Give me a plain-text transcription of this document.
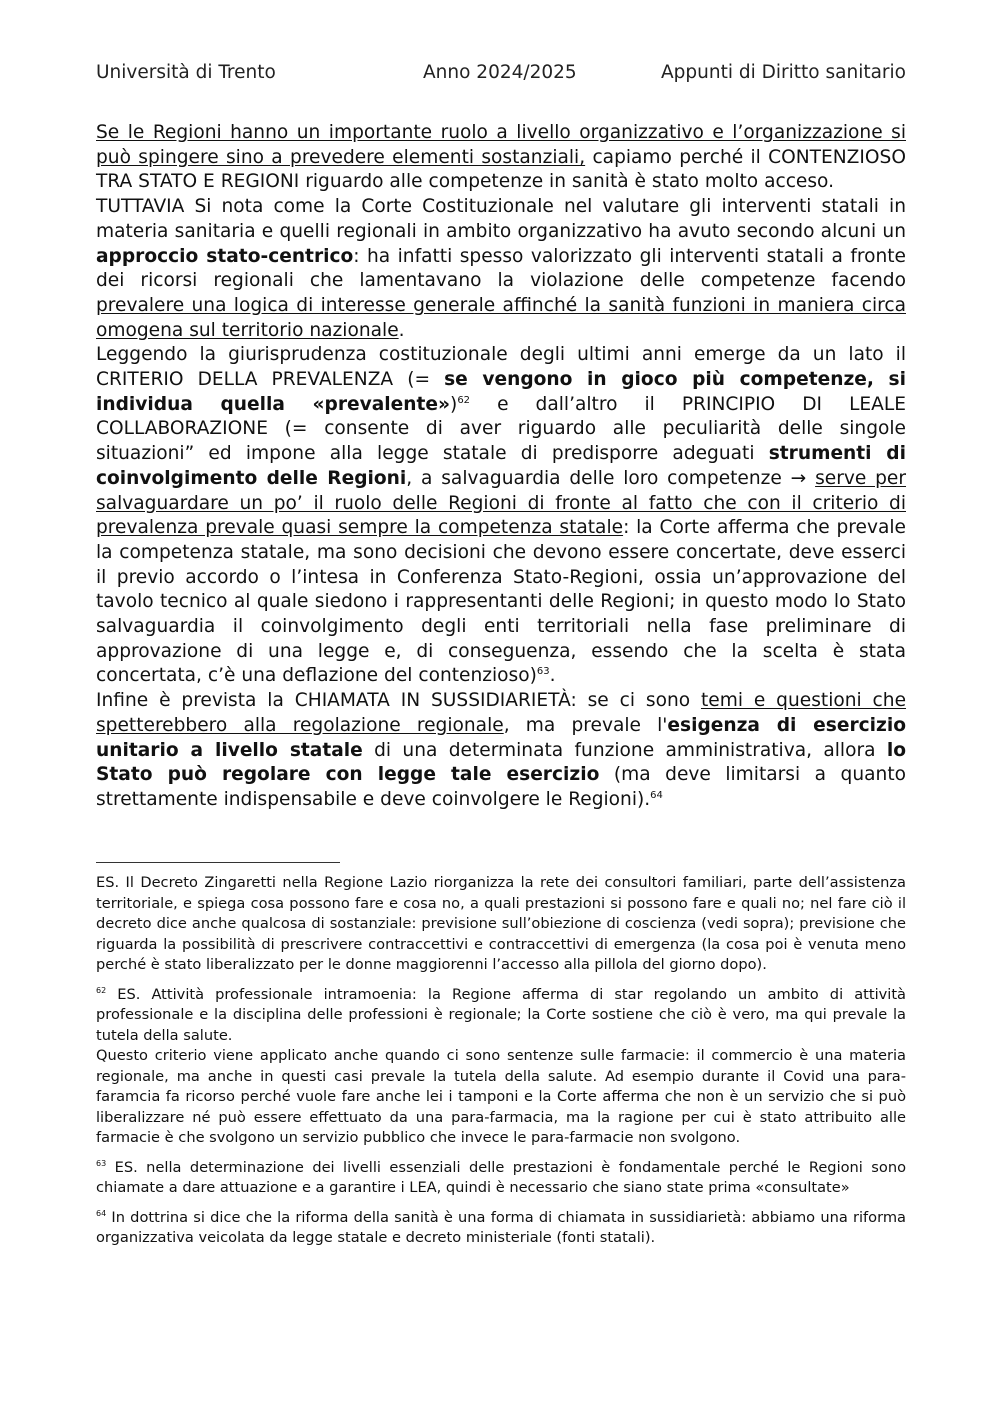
Università di Trento	Anno 2024/2025	Appunti di Diritto sanitario

Se le Regioni hanno un importante ruolo a livello organizzativo e l’organizzazione si può spingere sino a prevedere elementi sostanziali, capiamo perché il CONTENZIOSO TRA STATO E REGIONI riguardo alle competenze in sanità è stato molto acceso.

TUTTAVIA Si nota come la Corte Costituzionale nel valutare gli interventi statali in materia sanitaria e quelli regionali in ambito organizzativo ha avuto secondo alcuni un approccio stato-centrico: ha infatti spesso valorizzato gli interventi statali a fronte dei ricorsi regionali che lamentavano la violazione delle competenze facendo prevalere una logica di interesse generale affinché la sanità funzioni in maniera circa omogena sul territorio nazionale.

Leggendo la giurisprudenza costituzionale degli ultimi anni emerge da un lato il CRITERIO DELLA PREVALENZA (= se vengono in gioco più competenze, si individua quella «prevalente»)$^{62}$ e dall’altro il PRINCIPIO DI LEALE COLLABORAZIONE (= consente di aver riguardo alle peculiarità delle singole situazioni” ed impone alla legge statale di predisporre adeguati strumenti di coinvolgimento delle Regioni, a salvaguardia delle loro competenze → serve per salvaguardare un po’ il ruolo delle Regioni di fronte al fatto che con il criterio di prevalenza prevale quasi sempre la competenza statale: la Corte afferma che prevale la competenza statale, ma sono decisioni che devono essere concertate, deve esserci il previo accordo o l’intesa in Conferenza Stato-Regioni, ossia un’approvazione del tavolo tecnico al quale siedono i rappresentanti delle Regioni; in questo modo lo Stato salvaguardia il coinvolgimento degli enti territoriali nella fase preliminare di approvazione di una legge e, di conseguenza, essendo che la scelta è stata concertata, c’è una deflazione del contenzioso)$^{63}$.

Infine è prevista la CHIAMATA IN SUSSIDIARIETÀ: se ci sono temi e questioni che spetterebbero alla regolazione regionale, ma prevale l'esigenza di esercizio unitario a livello statale di una determinata funzione amministrativa, allora lo Stato può regolare con legge tale esercizio (ma deve limitarsi a quanto strettamente indispensabile e deve coinvolgere le Regioni).$^{64}$

ES. Il Decreto Zingaretti nella Regione Lazio riorganizza la rete dei consultori familiari, parte dell’assistenza territoriale, e spiega cosa possono fare e cosa no, a quali prestazioni si possono fare e quali no; nel fare ciò il decreto dice anche qualcosa di sostanziale: previsione sull’obiezione di coscienza (vedi sopra); previsione che riguarda la possibilità di prescrivere contraccettivi e contraccettivi di emergenza (la cosa poi è venuta meno perché è stato liberalizzato per le donne maggiorenni l’accesso alla pillola del giorno dopo).

$^{62}$ ES. Attività professionale intramoenia: la Regione afferma di star regolando un ambito di attività professionale e la disciplina delle professioni è regionale; la Corte sostiene che ciò è vero, ma qui prevale la tutela della salute.

Questo criterio viene applicato anche quando ci sono sentenze sulle farmacie: il commercio è una materia regionale, ma anche in questi casi prevale la tutela della salute. Ad esempio durante il Covid una para-faramcia fa ricorso perché vuole fare anche lei i tamponi e la Corte afferma che non è un servizio che si può liberalizzare né può essere effettuato da una para-farmacia, ma la ragione per cui è stato attribuito alle farmacie è che svolgono un servizio pubblico che invece le para-farmacie non svolgono.

$^{63}$ ES. nella determinazione dei livelli essenziali delle prestazioni è fondamentale perché le Regioni sono chiamate a dare attuazione e a garantire i LEA, quindi è necessario che siano state prima «consultate»

$^{64}$ In dottrina si dice che la riforma della sanità è una forma di chiamata in sussidiarietà: abbiamo una riforma organizzativa veicolata da legge statale e decreto ministeriale (fonti statali).
